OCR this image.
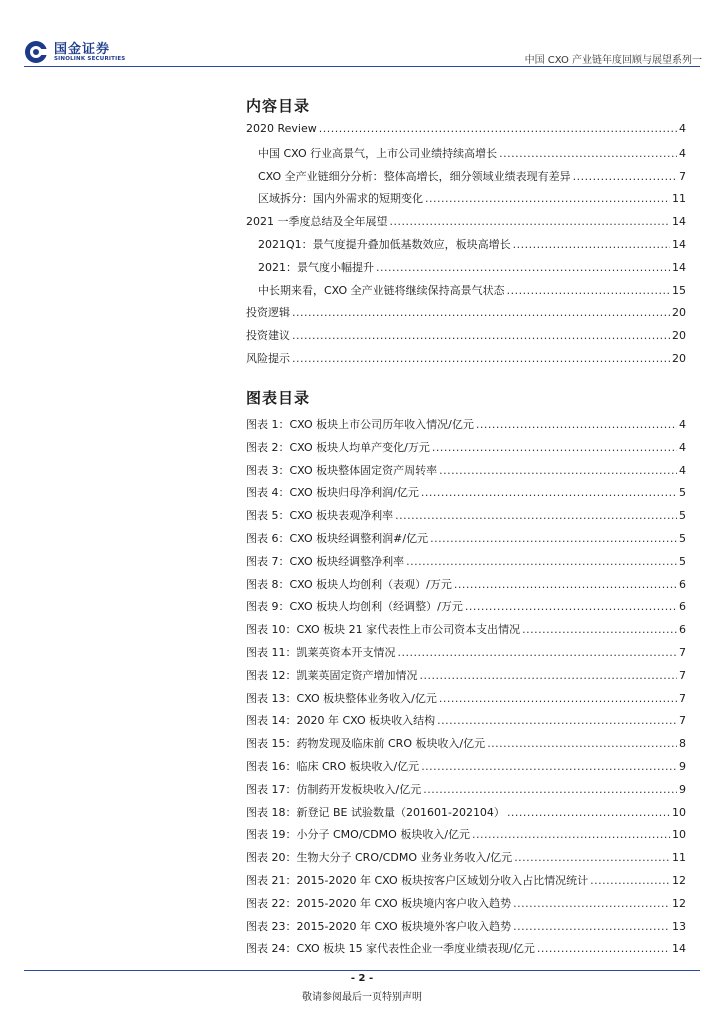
国金证券
SINOLINK SECURITIES	中国 CXO 产业链年度回顾与展望系列一
内容目录
2020 Review .....	4
中国 CXO 行业高景气，上市公司业绩持续高增长 .....	4
CXO 全产业链细分分析：整体高增长，细分领域业绩表现有差异 .....	7
区域拆分：国内外需求的短期变化 .....	11
2021 一季度总结及全年展望 .....	14
2021Q1：景气度提升叠加低基数效应，板块高增长 .....	14
2021：景气度小幅提升 .....	14
中长期来看，CXO 全产业链将继续保持高景气状态 .....	15
投资逻辑 .....	20
投资建议 .....	20
风险提示 .....	20
图表目录
图表 1：CXO 板块上市公司历年收入情况/亿元 .....	4
图表 2：CXO 板块人均单产变化/万元 .....	4
图表 3：CXO 板块整体固定资产周转率 .....	4
图表 4：CXO 板块归母净利润/亿元 .....	5
图表 5：CXO 板块表观净利率 .....	5
图表 6：CXO 板块经调整利润#/亿元 .....	5
图表 7：CXO 板块经调整净利率 .....	5
图表 8：CXO 板块人均创利（表观）/万元 .....	6
图表 9：CXO 板块人均创利（经调整）/万元 .....	6
图表 10：CXO 板块 21 家代表性上市公司资本支出情况 .....	6
图表 11：凯莱英资本开支情况 .....	7
图表 12：凯莱英固定资产增加情况 .....	7
图表 13：CXO 板块整体业务收入/亿元 .....	7
图表 14：2020 年 CXO 板块收入结构 .....	7
图表 15：药物发现及临床前 CRO 板块收入/亿元 .....	8
图表 16：临床 CRO 板块收入/亿元 .....	9
图表 17：仿制药开发板块收入/亿元 .....	9
图表 18：新登记 BE 试验数量（201601-202104） .....	10
图表 19：小分子 CMO/CDMO 板块收入/亿元 .....	10
图表 20：生物大分子 CRO/CDMO 业务业务收入/亿元 .....	11
图表 21：2015-2020 年 CXO 板块按客户区域划分收入占比情况统计 .....	12
图表 22：2015-2020 年 CXO 板块境内客户收入趋势 .....	12
图表 23：2015-2020 年 CXO 板块境外客户收入趋势 .....	13
图表 24：CXO 板块 15 家代表性企业一季度业绩表现/亿元 .....	14
- 2 -
敬请参阅最后一页特别声明
